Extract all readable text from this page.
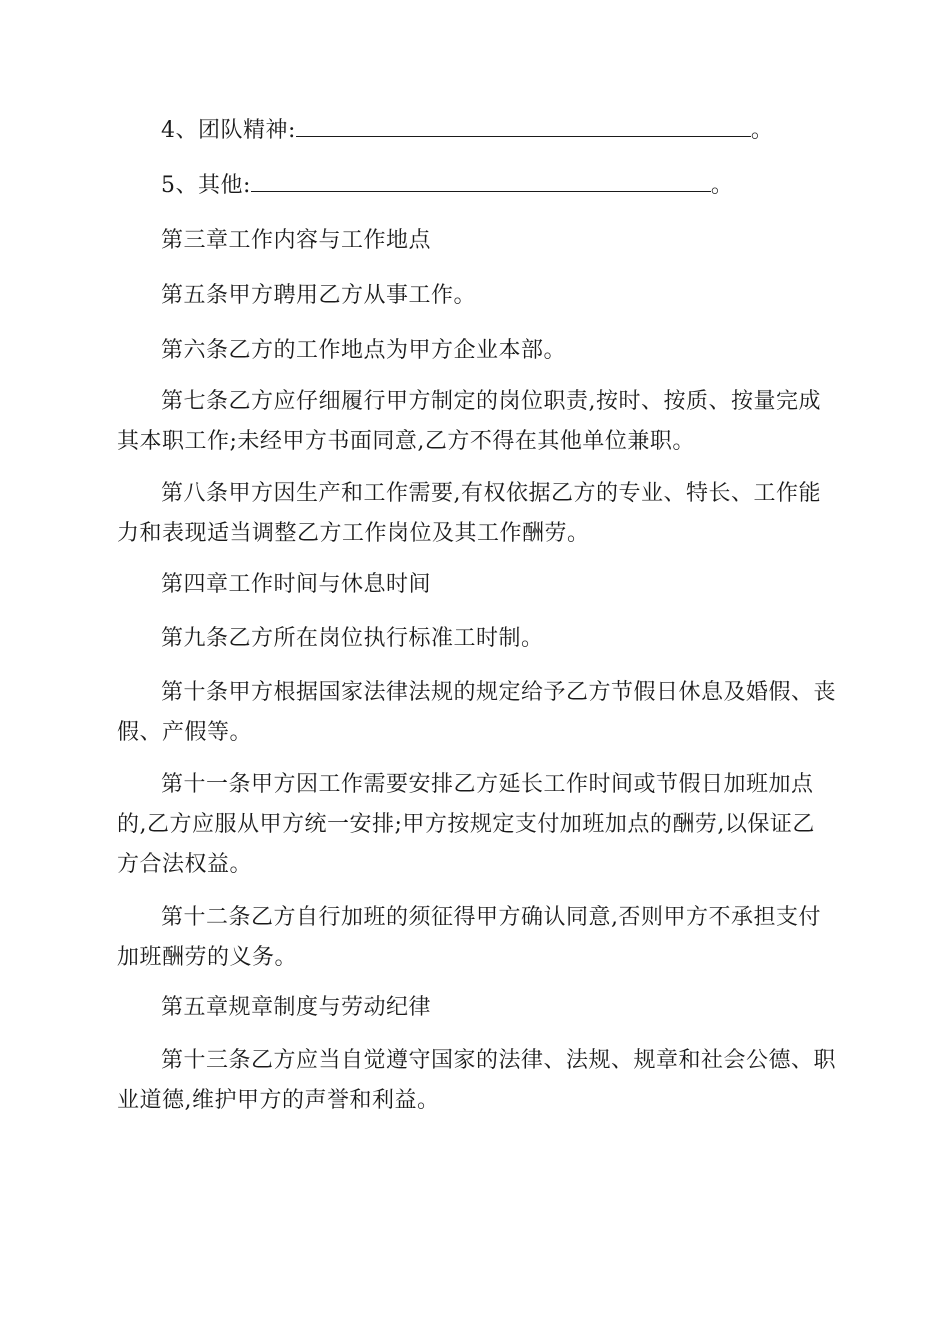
4、团队精神:	。

5、其他:	。

第三章工作内容与工作地点

第五条甲方聘用乙方从事工作。

第六条乙方的工作地点为甲方企业本部。

第七条乙方应仔细履行甲方制定的岗位职责,按时、按质、按量完成其本职工作;未经甲方书面同意,乙方不得在其他单位兼职。

第八条甲方因生产和工作需要,有权依据乙方的专业、特长、工作能力和表现适当调整乙方工作岗位及其工作酬劳。

第四章工作时间与休息时间

第九条乙方所在岗位执行标准工时制。

第十条甲方根据国家法律法规的规定给予乙方节假日休息及婚假、丧假、产假等。

第十一条甲方因工作需要安排乙方延长工作时间或节假日加班加点的,乙方应服从甲方统一安排;甲方按规定支付加班加点的酬劳,以保证乙方合法权益。

第十二条乙方自行加班的须征得甲方确认同意,否则甲方不承担支付加班酬劳的义务。

第五章规章制度与劳动纪律

第十三条乙方应当自觉遵守国家的法律、法规、规章和社会公德、职业道德,维护甲方的声誉和利益。
